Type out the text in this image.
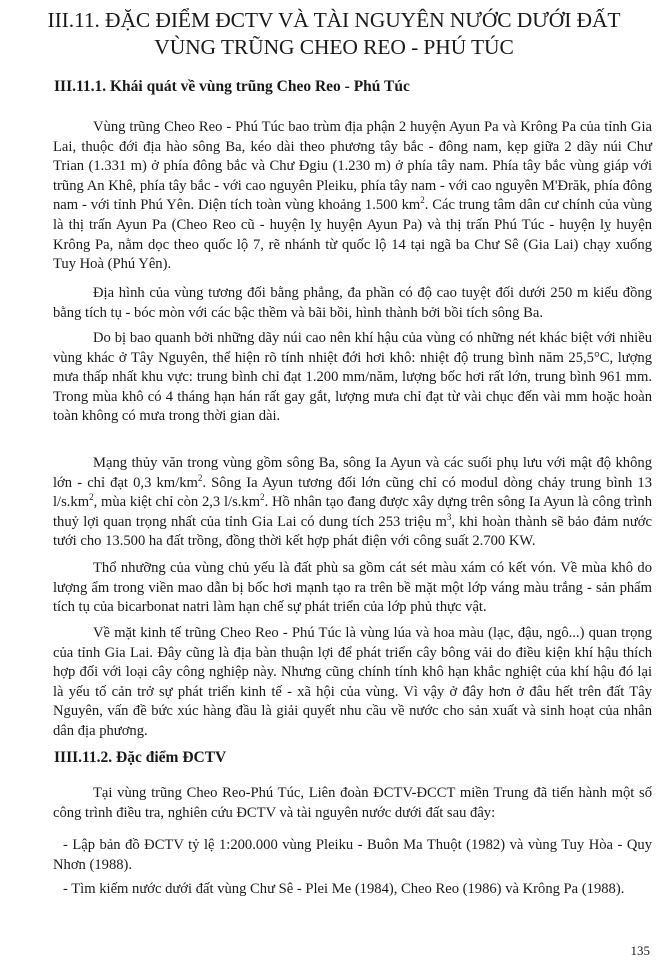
III.11. ĐẶC ĐIỂM ĐCTV VÀ TÀI NGUYÊN NƯỚC DƯỚI ĐẤT
VÙNG TRŨNG CHEO REO - PHÚ TÚC
III.11.1. Khái quát về vùng trũng Cheo Reo - Phú Túc

Vùng trũng Cheo Reo - Phú Túc bao trùm địa phận 2 huyện Ayun Pa và Krông Pa của tỉnh Gia Lai, thuộc đới địa hào sông Ba, kéo dài theo phương tây bắc - đông nam, kẹp giữa 2 dãy núi Chư Trian (1.331 m) ở phía đông bắc và Chư Đgiu (1.230 m) ở phía tây nam. Phía tây bắc vùng giáp với trũng An Khê, phía tây bắc - với cao nguyên Pleiku, phía tây nam - với cao nguyên M'Đrăk, phía đông nam - với tỉnh Phú Yên. Diện tích toàn vùng khoảng 1.500 $km^2$. Các trung tâm dân cư chính của vùng là thị trấn Ayun Pa (Cheo Reo cũ - huyện lỵ huyện Ayun Pa) và thị trấn Phú Túc - huyện lỵ huyện Krông Pa, nằm dọc theo quốc lộ 7, rẽ nhánh từ quốc lộ 14 tại ngã ba Chư Sê (Gia Lai) chạy xuống Tuy Hoà (Phú Yên).

Địa hình của vùng tương đối bằng phẳng, đa phần có độ cao tuyệt đối dưới 250 m kiểu đồng bằng tích tụ - bóc mòn với các bậc thềm và bãi bồi, hình thành bởi bồi tích sông Ba.

Do bị bao quanh bởi những dãy núi cao nên khí hậu của vùng có những nét khác biệt với nhiều vùng khác ở Tây Nguyên, thể hiện rõ tính nhiệt đới hơi khô: nhiệt độ trung bình năm 25,5°C, lượng mưa thấp nhất khu vực: trung bình chỉ đạt 1.200 mm/năm, lượng bốc hơi rất lớn, trung bình 961 mm. Trong mùa khô có 4 tháng hạn hán rất gay gắt, lượng mưa chỉ đạt từ vài chục đến vài mm hoặc hoàn toàn không có mưa trong thời gian dài.

Mạng thủy văn trong vùng gồm sông Ba, sông Ia Ayun và các suối phụ lưu với mật độ không lớn - chỉ đạt 0,3 $km/km^2$. Sông Ia Ayun tương đối lớn cũng chỉ có modul dòng chảy trung bình 13 $l/s.km^2$, mùa kiệt chỉ còn 2,3 $l/s.km^2$. Hồ nhân tạo đang được xây dựng trên sông Ia Ayun là công trình thuỷ lợi quan trọng nhất của tỉnh Gia Lai có dung tích 253 triệu $m^3$, khi hoàn thành sẽ bảo đảm nước tưới cho 13.500 ha đất trồng, đồng thời kết hợp phát điện với công suất 2.700 KW.

Thổ nhưỡng của vùng chủ yếu là đất phù sa gồm cát sét màu xám có kết vón. Về mùa khô do lượng ẩm trong viền mao dẫn bị bốc hơi mạnh tạo ra trên bề mặt một lớp váng màu trắng - sản phẩm tích tụ của bicarbonat natri làm hạn chế sự phát triển của lớp phủ thực vật.

Về mặt kinh tế trũng Cheo Reo - Phú Túc là vùng lúa và hoa màu (lạc, đậu, ngô...) quan trọng của tỉnh Gia Lai. Đây cũng là địa bàn thuận lợi để phát triển cây bông vải do điều kiện khí hậu thích hợp đối với loại cây công nghiệp này. Nhưng cũng chính tính khô hạn khắc nghiệt của khí hậu đó lại là yếu tố cản trở sự phát triển kinh tế - xã hội của vùng. Vì vậy ở đây hơn ở đâu hết trên đất Tây Nguyên, vấn đề bức xúc hàng đầu là giải quyết nhu cầu về nước cho sản xuất và sinh hoạt của nhân dân địa phương.

IIII.11.2. Đặc điểm ĐCTV

Tại vùng trũng Cheo Reo-Phú Túc, Liên đoàn ĐCTV-ĐCCT miền Trung đã tiến hành một số công trình điều tra, nghiên cứu ĐCTV và tài nguyên nước dưới đất sau đây:

- Lập bản đồ ĐCTV tỷ lệ 1:200.000 vùng Pleiku - Buôn Ma Thuột (1982) và vùng Tuy Hòa - Quy Nhơn (1988).

- Tìm kiếm nước dưới đất vùng Chư Sê - Plei Me (1984), Cheo Reo (1986) và Krông Pa (1988).

135
